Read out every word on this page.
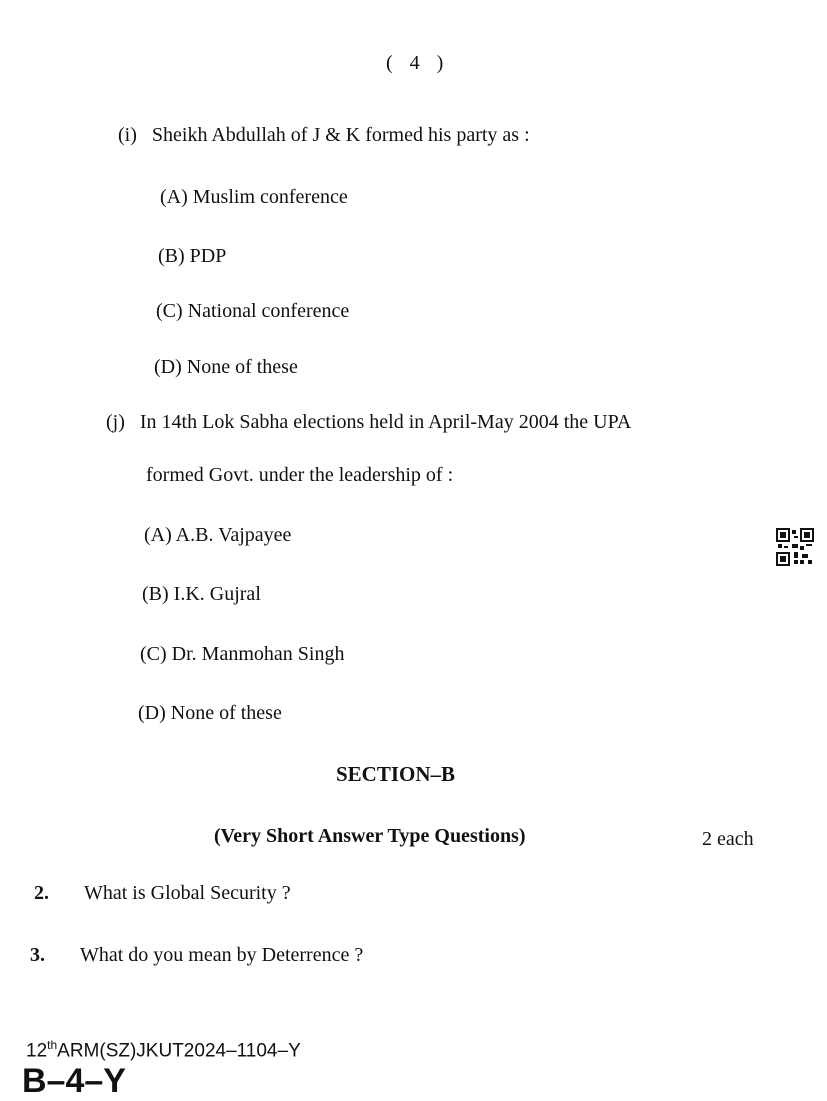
( 4 )
(i) Sheikh Abdullah of J & K formed his party as :
(A) Muslim conference
(B) PDP
(C) National conference
(D) None of these
(j) In 14th Lok Sabha elections held in April-May 2004 the UPA
formed Govt. under the leadership of :
(A) A.B. Vajpayee
(B) I.K. Gujral
(C) Dr. Manmohan Singh
(D) None of these
SECTION–B
(Very Short Answer Type Questions)	2 each
2. What is Global Security ?
3. What do you mean by Deterrence ?
12thARM(SZ)JKUT2024–1104–Y
B–4–Y
